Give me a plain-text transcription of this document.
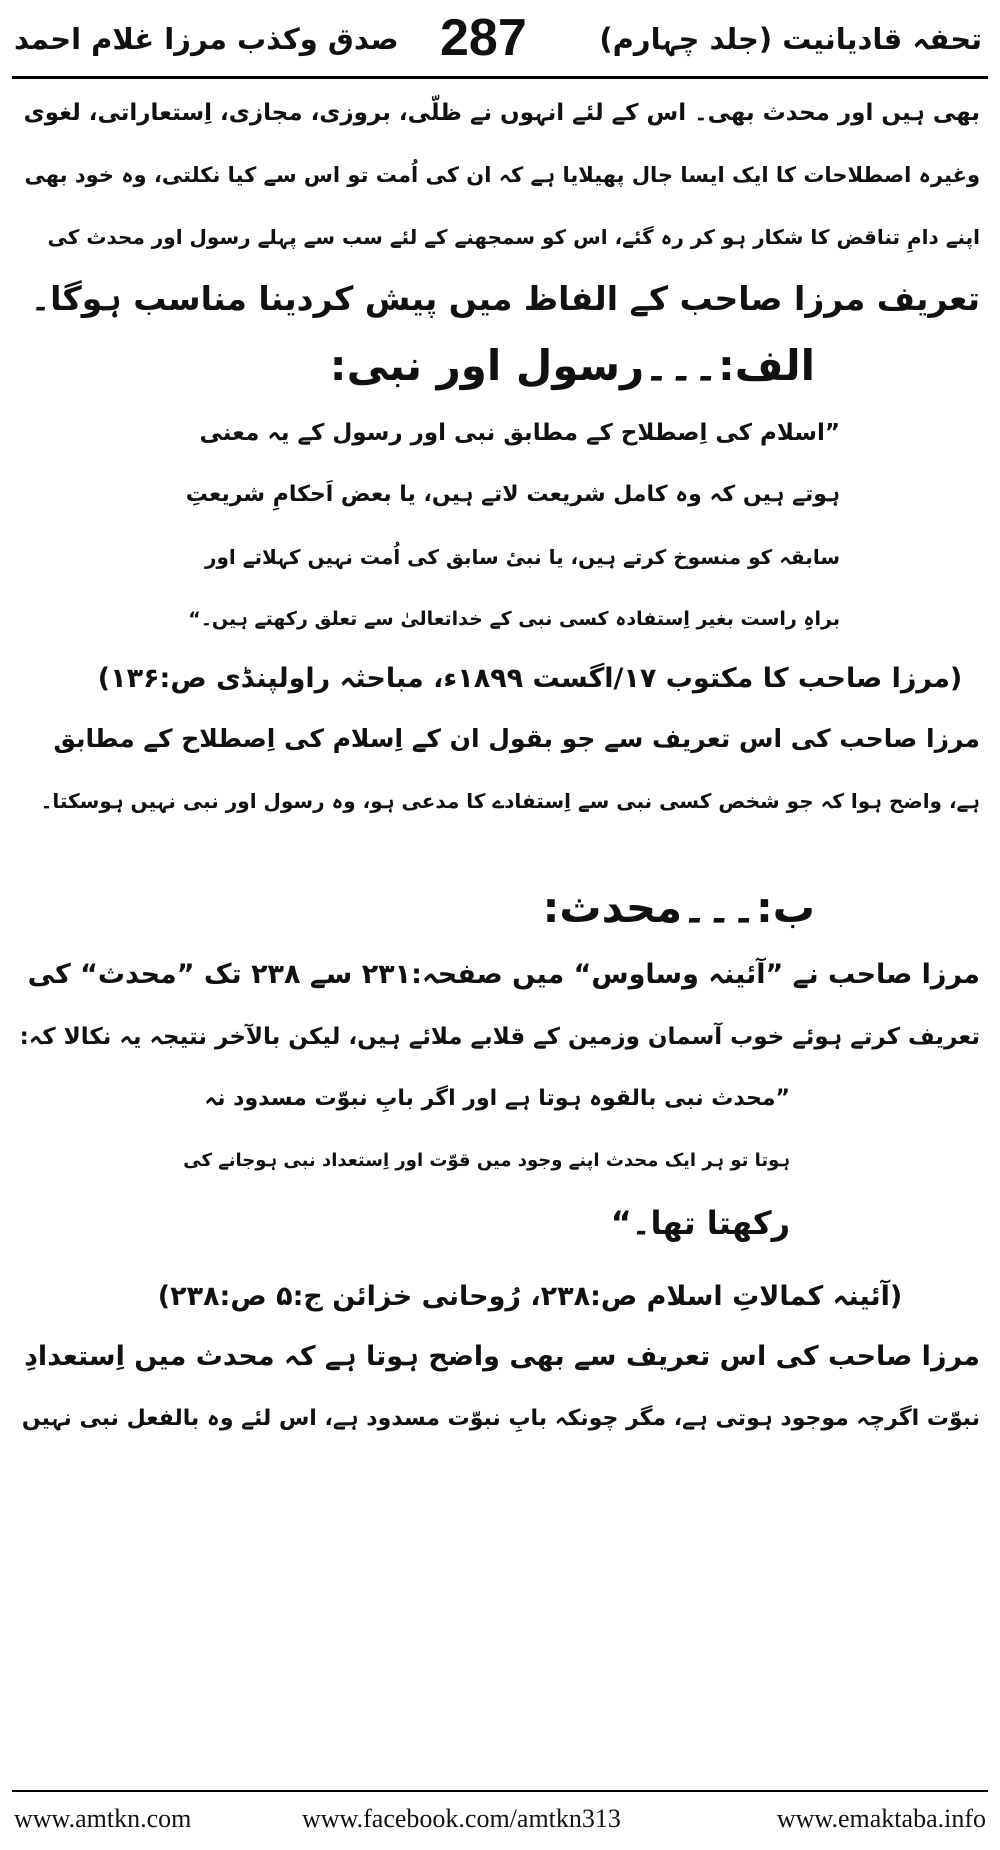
تحفہ قادیانیت (جلد چہارم)
287
صدق وکذب مرزا غلام احمد
بھی ہیں اور محدث بھی۔ اس کے لئے انہوں نے ظلّی، بروزی، مجازی، اِستعاراتی، لغوی
وغیرہ اصطلاحات کا ایک ایسا جال پھیلایا ہے کہ ان کی اُمت تو اس سے کیا نکلتی، وہ خود بھی
اپنے دامِ تناقض کا شکار ہو کر رہ گئے، اس کو سمجھنے کے لئے سب سے پہلے رسول اور محدث کی
تعریف مرزا صاحب کے الفاظ میں پیش کردینا مناسب ہوگا۔
الف:۔۔۔رسول اور نبی:
”اسلام کی اِصطلاح کے مطابق نبی اور رسول کے یہ معنی
ہوتے ہیں کہ وہ کامل شریعت لاتے ہیں، یا بعض اَحکامِ شریعتِ
سابقہ کو منسوخ کرتے ہیں، یا نبیٔ سابق کی اُمت نہیں کہلاتے اور
براہِ راست بغیر اِستفادہ کسی نبی کے خداتعالیٰ سے تعلق رکھتے ہیں۔“
(مرزا صاحب کا مکتوب ۱۷/اگست ۱۸۹۹ء، مباحثہ راولپنڈی ص:۱۳۶)
مرزا صاحب کی اس تعریف سے جو بقول ان کے اِسلام کی اِصطلاح کے مطابق
ہے، واضح ہوا کہ جو شخص کسی نبی سے اِستفادے کا مدعی ہو، وہ رسول اور نبی نہیں ہوسکتا۔
ب:۔۔۔محدث:
مرزا صاحب نے ”آئینہ وساوس“ میں صفحہ:۲۳۱ سے ۲۳۸ تک ”محدث“ کی
تعریف کرتے ہوئے خوب آسمان وزمین کے قلابے ملائے ہیں، لیکن بالآخر نتیجہ یہ نکالا کہ:
”محدث نبی بالقوہ ہوتا ہے اور اگر بابِ نبوّت مسدود نہ
ہوتا تو ہر ایک محدث اپنے وجود میں قوّت اور اِستعداد نبی ہوجانے کی
رکھتا تھا۔“
(آئینہ کمالاتِ اسلام ص:۲۳۸، رُوحانی خزائن ج:۵ ص:۲۳۸)
مرزا صاحب کی اس تعریف سے بھی واضح ہوتا ہے کہ محدث میں اِستعدادِ
نبوّت اگرچہ موجود ہوتی ہے، مگر چونکہ بابِ نبوّت مسدود ہے، اس لئے وہ بالفعل نبی نہیں
www.amtkn.com	www.facebook.com/amtkn313	www.emaktaba.info
